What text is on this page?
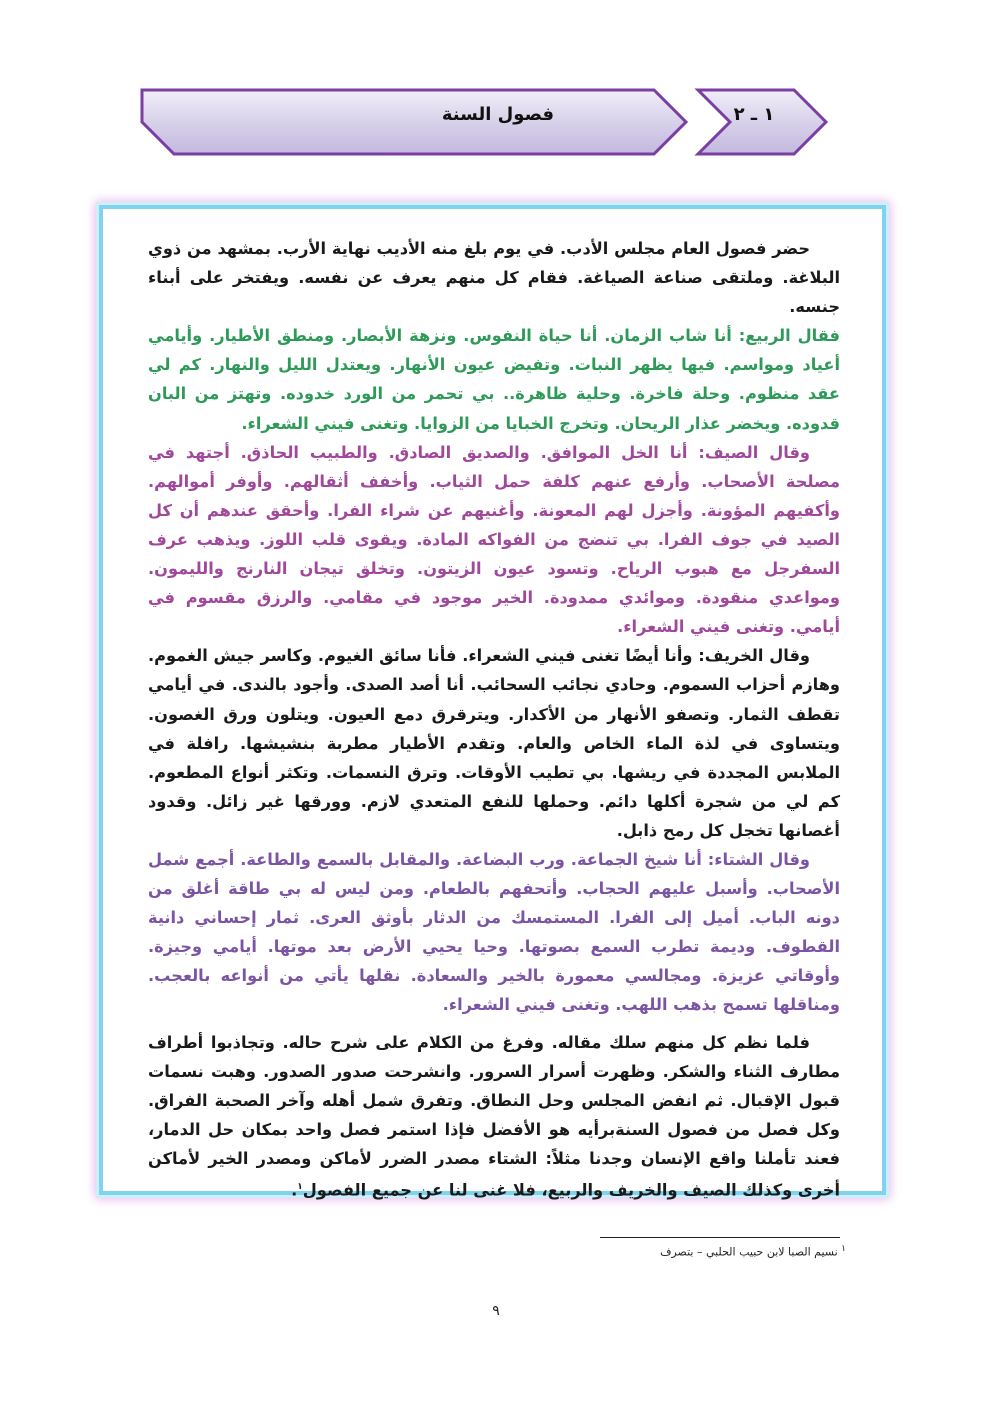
فصول السنة	١ ـ ٢

حضر فصول العام مجلس الأدب. في يوم بلغ منه الأديب نهاية الأرب. بمشهد من ذوي البلاغة. وملتقى صناعة الصياغة. فقام كل منهم يعرف عن نفسه. ويفتخر على أبناء جنسه.

فقال الربيع: أنا شاب الزمان. أنا حياة النفوس. ونزهة الأبصار. ومنطق الأطيار. وأيامي أعياد ومواسم. فيها يظهر النبات. وتفيض عيون الأنهار. ويعتدل الليل والنهار. كم لي عقد منظوم. وحلة فاخرة. وحلية ظاهرة.. بي تحمر من الورد خدوده. وتهتز من البان قدوده. ويخضر عذار الريحان. وتخرج الخبايا من الزوايا. وتغنى فيني الشعراء.

وقال الصيف: أنا الخل الموافق. والصديق الصادق. والطبيب الحاذق. أجتهد في مصلحة الأصحاب. وأرفع عنهم كلفة حمل الثياب. وأخفف أثقالهم. وأوفر أموالهم. وأكفيهم المؤونة. وأجزل لهم المعونة. وأغنيهم عن شراء الفرا. وأحقق عندهم أن كل الصيد في جوف الفرا. بي تنضج من الفواكه المادة. ويقوى قلب اللوز. ويذهب عرف السفرجل مع هبوب الرياح. وتسود عيون الزيتون. وتخلق تيجان النارنج والليمون. ومواعدي منقودة. وموائدي ممدودة. الخير موجود في مقامي. والرزق مقسوم في أيامي. وتغنى فيني الشعراء.

وقال الخريف: وأنا أيضًا تغنى فيني الشعراء. فأنا سائق الغيوم. وكاسر جيش الغموم. وهازم أحزاب السموم. وحادي نجائب السحائب. أنا أصد الصدى. وأجود بالندى. في أيامي تقطف الثمار. وتصفو الأنهار من الأكدار. ويترقرق دمع العيون. ويتلون ورق الغصون. ويتساوى في لذة الماء الخاص والعام. وتقدم الأطيار مطربة بنشيشها. رافلة في الملابس المجددة في ريشها. بي تطيب الأوقات. وترق النسمات. وتكثر أنواع المطعوم. كم لي من شجرة أكلها دائم. وحملها للنفع المتعدي لازم. وورقها غير زائل. وقدود أغصانها تخجل كل رمح ذابل.

وقال الشتاء: أنا شيخ الجماعة. ورب البضاعة. والمقابل بالسمع والطاعة. أجمع شمل الأصحاب. وأسبل عليهم الحجاب. وأتحفهم بالطعام. ومن ليس له بي طاقة أغلق من دونه الباب. أميل إلى الفرا. المستمسك من الدثار بأوثق العرى. ثمار إحساني دانية القطوف. وديمة تطرب السمع بصوتها. وحيا يحيي الأرض بعد موتها. أيامي وجيزة. وأوقاتي عزيزة. ومجالسي معمورة بالخير والسعادة. نقلها يأتي من أنواعه بالعجب. ومناقلها تسمح بذهب اللهب. وتغنى فيني الشعراء.

فلما نظم كل منهم سلك مقاله. وفرغ من الكلام على شرح حاله. وتجاذبوا أطراف مطارف الثناء والشكر. وظهرت أسرار السرور. وانشرحت صدور الصدور. وهبت نسمات قبول الإقبال. ثم انفض المجلس وحل النطاق. وتفرق شمل أهله وآخر الصحبة الفراق. وكل فصل من فصول السنةبرأيه هو الأفضل فإذا استمر فصل واحد بمكان حل الدمار، فعند تأملنا واقع الإنسان وجدنا مثلاً: الشتاء مصدر الضرر لأماكن ومصدر الخير لأماكن أخرى وكذلك الصيف والخريف والربيع، فلا غنى لنا عن جميع الفصول$^١$.

$^١$ نسيم الصبا لابن حبيب الحلبي – بتصرف
٩
